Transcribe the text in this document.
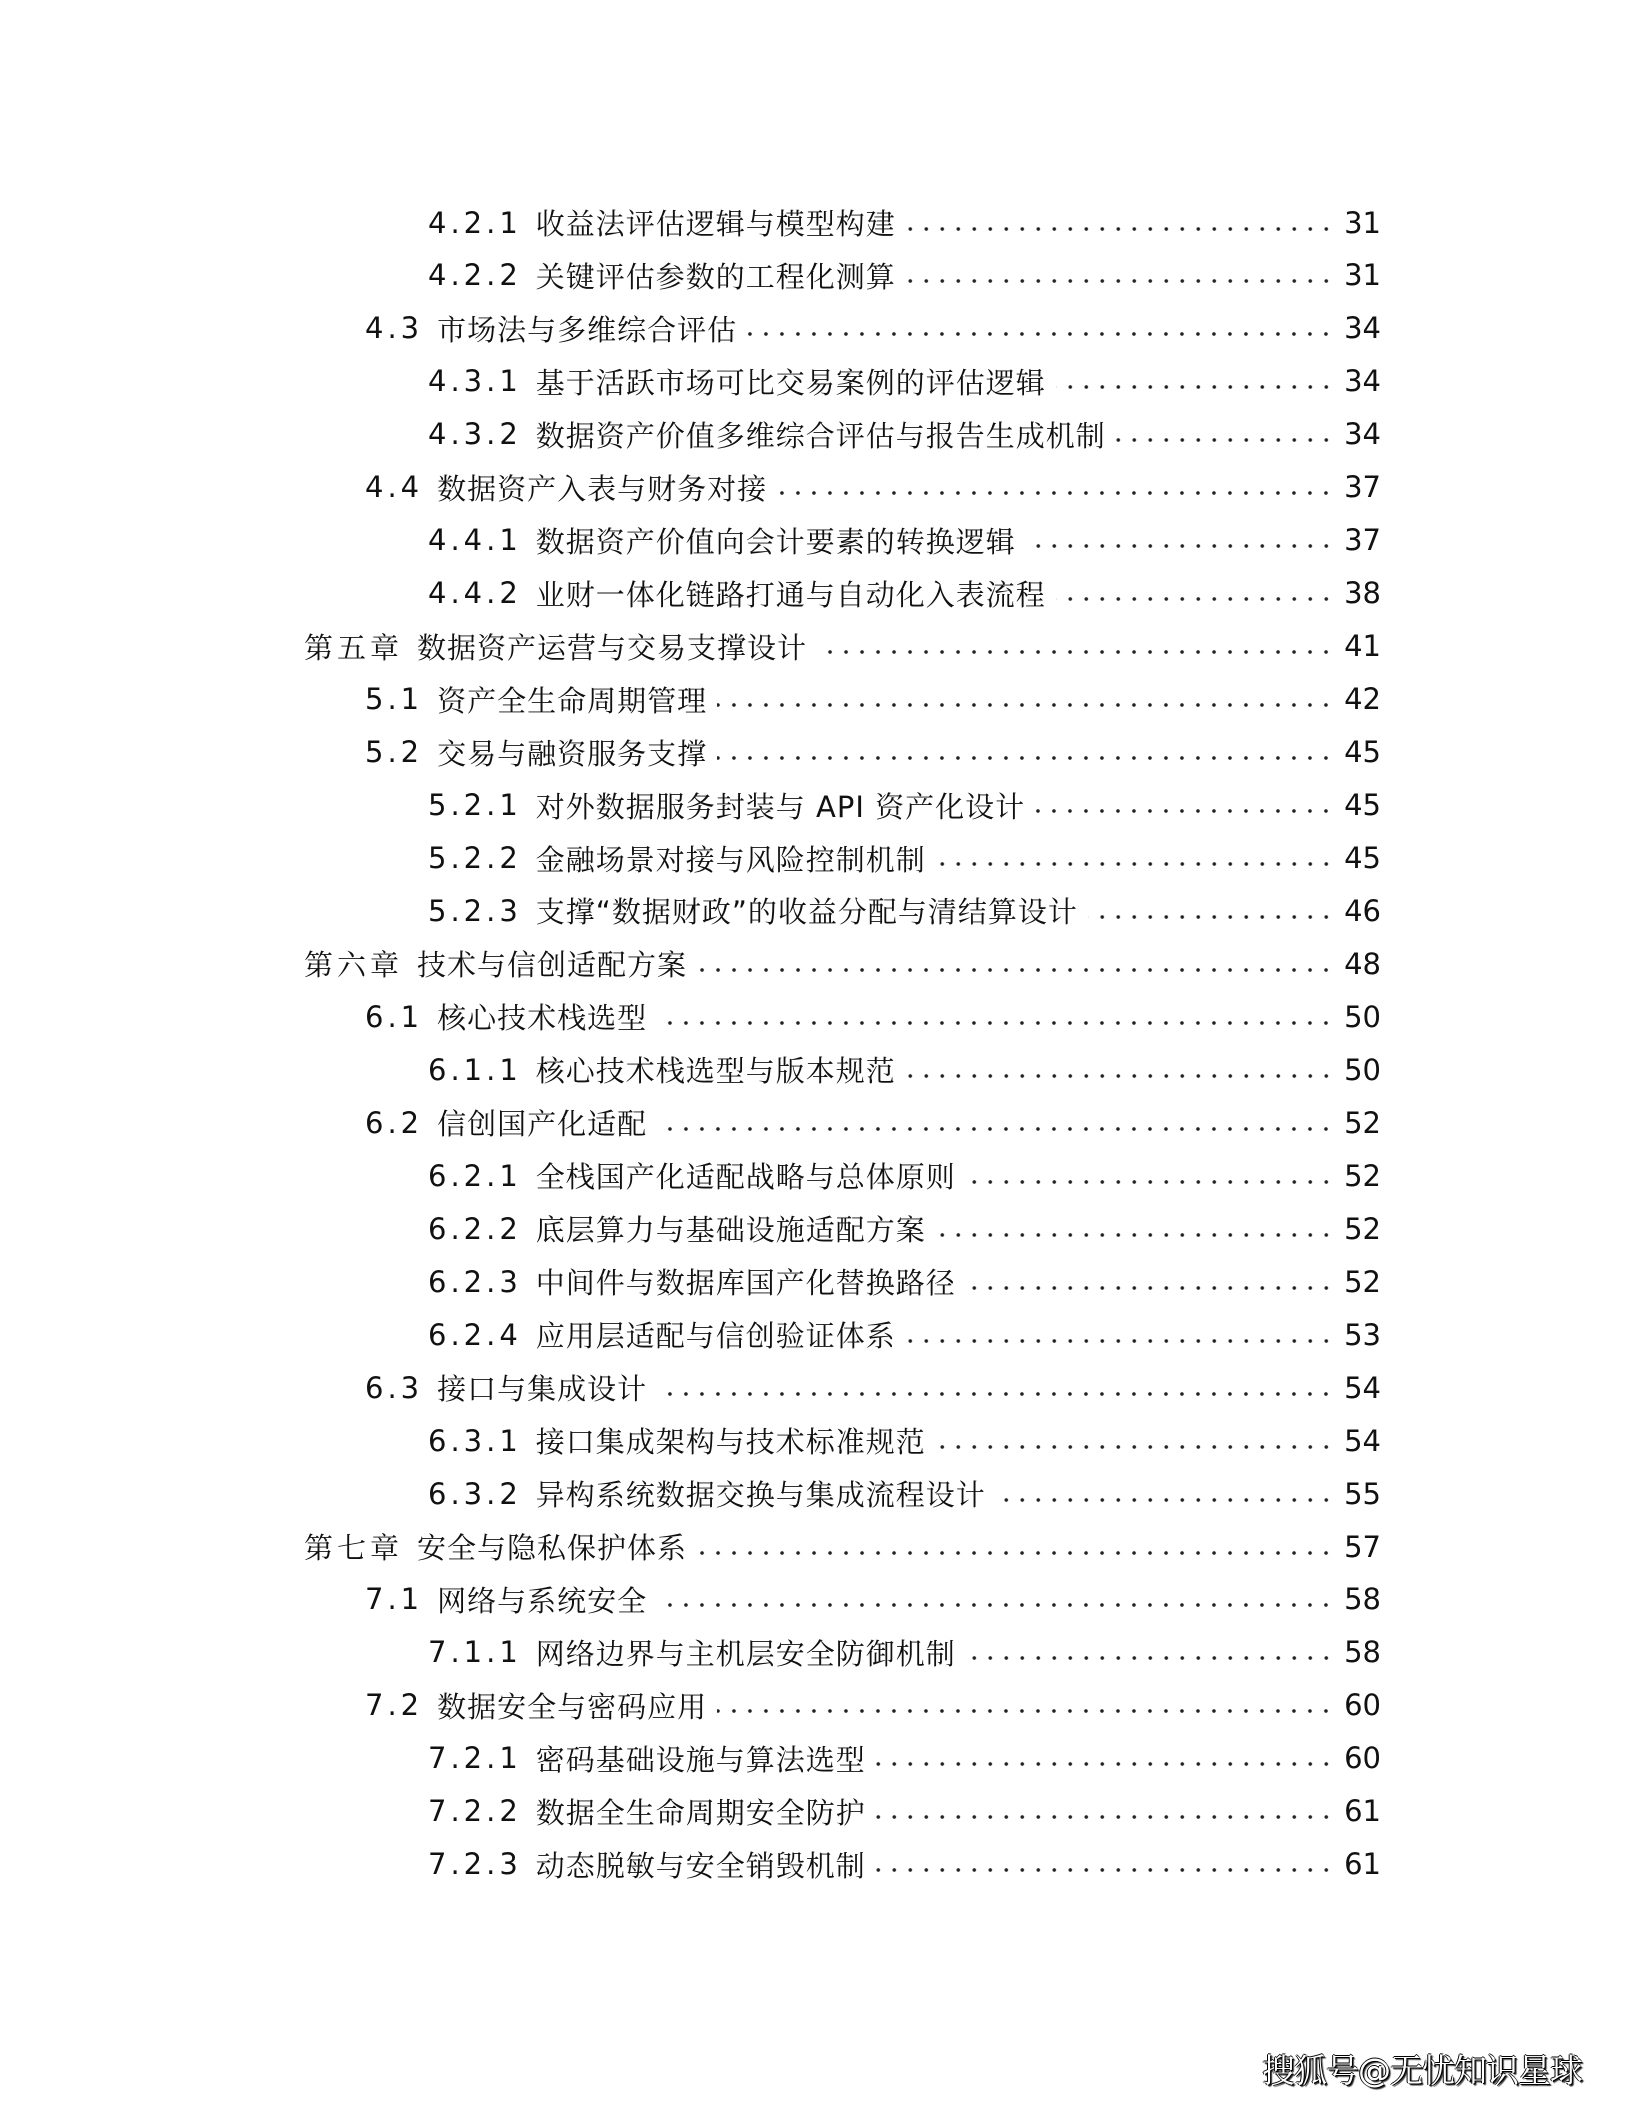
4.2.1 收益法评估逻辑与模型构建	31
4.2.2 关键评估参数的工程化测算	31
4.3 市场法与多维综合评估	34
4.3.1 基于活跃市场可比交易案例的评估逻辑	34
4.3.2 数据资产价值多维综合评估与报告生成机制	34
4.4 数据资产入表与财务对接	37
4.4.1 数据资产价值向会计要素的转换逻辑	37
4.4.2 业财一体化链路打通与自动化入表流程	38
第五章 数据资产运营与交易支撑设计	41
5.1 资产全生命周期管理	42
5.2 交易与融资服务支撑	45
5.2.1 对外数据服务封装与 API 资产化设计	45
5.2.2 金融场景对接与风险控制机制	45
5.2.3 支撑“数据财政”的收益分配与清结算设计	46
第六章 技术与信创适配方案	48
6.1 核心技术栈选型	50
6.1.1 核心技术栈选型与版本规范	50
6.2 信创国产化适配	52
6.2.1 全栈国产化适配战略与总体原则	52
6.2.2 底层算力与基础设施适配方案	52
6.2.3 中间件与数据库国产化替换路径	52
6.2.4 应用层适配与信创验证体系	53
6.3 接口与集成设计	54
6.3.1 接口集成架构与技术标准规范	54
6.3.2 异构系统数据交换与集成流程设计	55
第七章 安全与隐私保护体系	57
7.1 网络与系统安全	58
7.1.1 网络边界与主机层安全防御机制	58
7.2 数据安全与密码应用	60
7.2.1 密码基础设施与算法选型	60
7.2.2 数据全生命周期安全防护	61
7.2.3 动态脱敏与安全销毁机制	61
搜狐号@无忧知识星球
